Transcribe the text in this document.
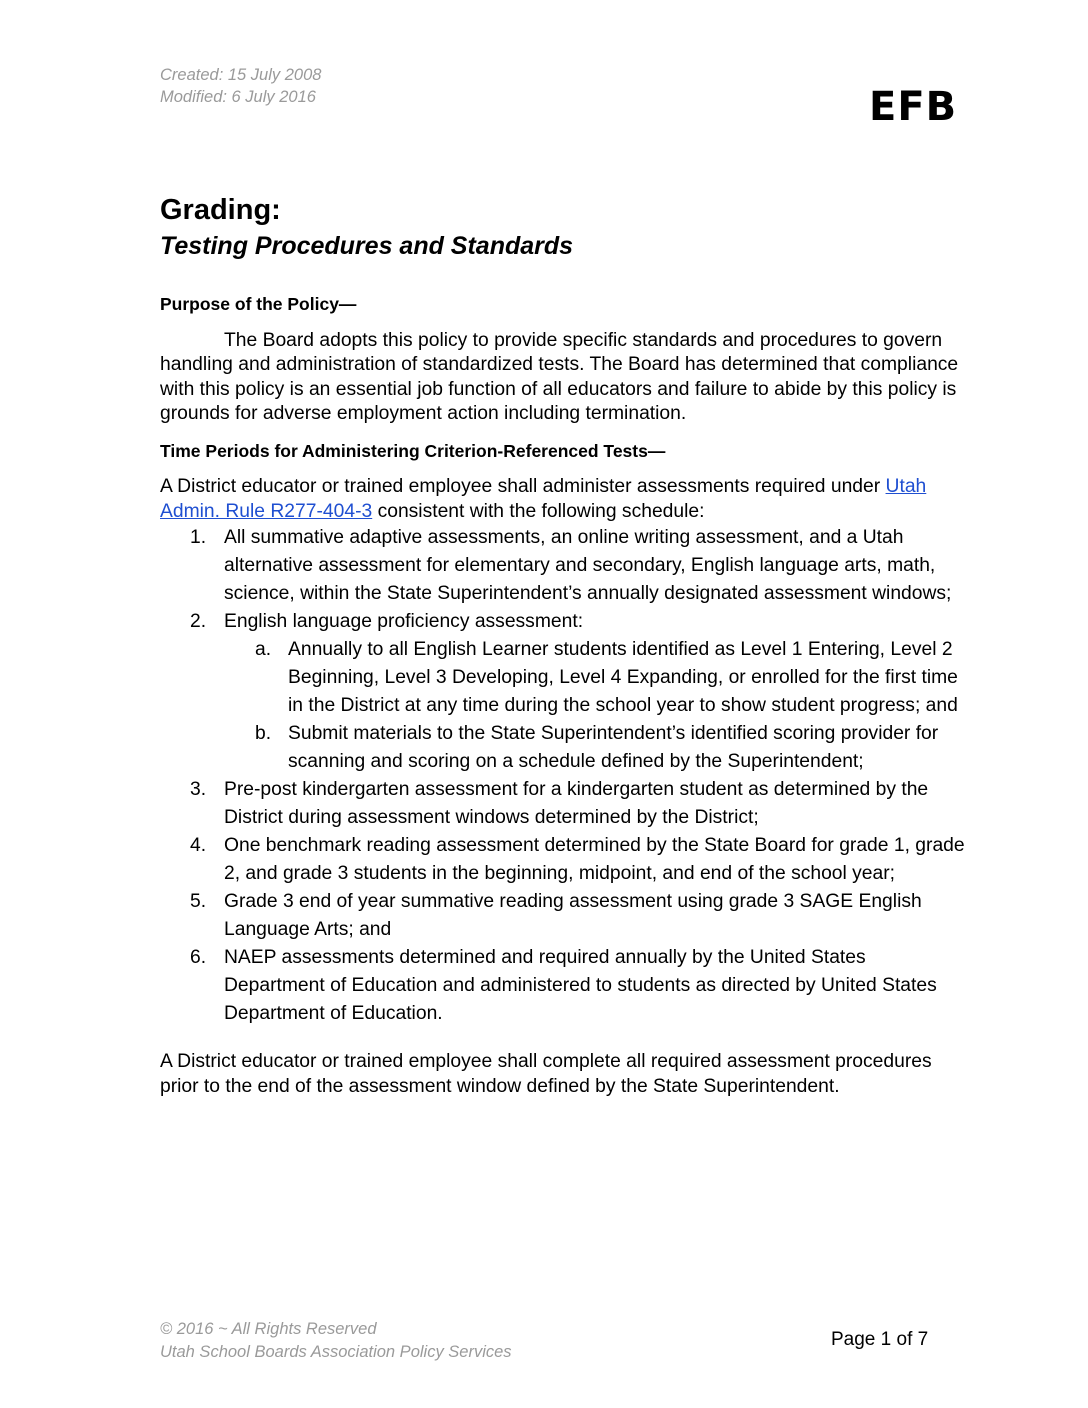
Created: 15 July 2008
Modified: 6 July 2016	EFB
Grading:
Testing Procedures and Standards
Purpose of the Policy—

The Board adopts this policy to provide specific standards and procedures to govern handling and administration of standardized tests. The Board has determined that compliance with this policy is an essential job function of all educators and failure to abide by this policy is grounds for adverse employment action including termination.

Time Periods for Administering Criterion-Referenced Tests—

A District educator or trained employee shall administer assessments required under Utah Admin. Rule R277-404-3 consistent with the following schedule:

1. All summative adaptive assessments, an online writing assessment, and a Utah alternative assessment for elementary and secondary, English language arts, math, science, within the State Superintendent’s annually designated assessment windows;
2. English language proficiency assessment:
a. Annually to all English Learner students identified as Level 1 Entering, Level 2 Beginning, Level 3 Developing, Level 4 Expanding, or enrolled for the first time in the District at any time during the school year to show student progress; and
b. Submit materials to the State Superintendent’s identified scoring provider for scanning and scoring on a schedule defined by the Superintendent;
3. Pre-post kindergarten assessment for a kindergarten student as determined by the District during assessment windows determined by the District;
4. One benchmark reading assessment determined by the State Board for grade 1, grade 2, and grade 3 students in the beginning, midpoint, and end of the school year;
5. Grade 3 end of year summative reading assessment using grade 3 SAGE English Language Arts; and
6. NAEP assessments determined and required annually by the United States Department of Education and administered to students as directed by United States Department of Education.

A District educator or trained employee shall complete all required assessment procedures prior to the end of the assessment window defined by the State Superintendent.

© 2016 ~ All Rights Reserved
Utah School Boards Association Policy Services
Page 1 of 7
